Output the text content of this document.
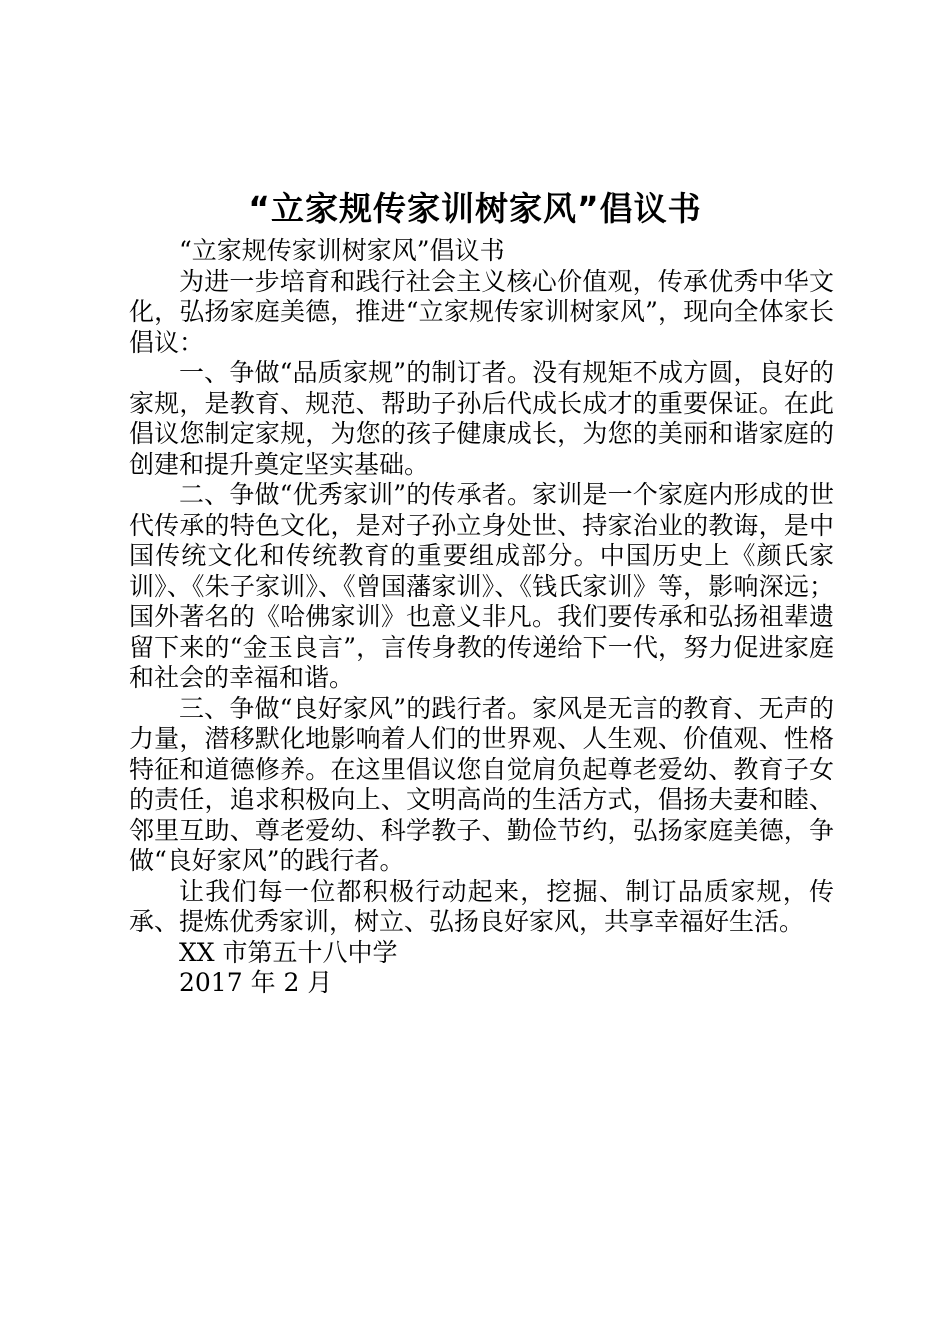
“立家规传家训树家风”倡议书

“立家规传家训树家风”倡议书

为进一步培育和践行社会主义核心价值观，传承优秀中华文化，弘扬家庭美德，推进“立家规传家训树家风”，现向全体家长倡议：

一、争做“品质家规”的制订者。没有规矩不成方圆，良好的家规，是教育、规范、帮助子孙后代成长成才的重要保证。在此倡议您制定家规，为您的孩子健康成长，为您的美丽和谐家庭的创建和提升奠定坚实基础。

二、争做“优秀家训”的传承者。家训是一个家庭内形成的世代传承的特色文化，是对子孙立身处世、持家治业的教诲，是中国传统文化和传统教育的重要组成部分。中国历史上《颜氏家训》、《朱子家训》、《曾国藩家训》、《钱氏家训》等，影响深远；国外著名的《哈佛家训》也意义非凡。我们要传承和弘扬祖辈遗留下来的“金玉良言”，言传身教的传递给下一代，努力促进家庭和社会的幸福和谐。

三、争做“良好家风”的践行者。家风是无言的教育、无声的力量，潜移默化地影响着人们的世界观、人生观、价值观、性格特征和道德修养。在这里倡议您自觉肩负起尊老爱幼、教育子女的责任，追求积极向上、文明高尚的生活方式，倡扬夫妻和睦、邻里互助、尊老爱幼、科学教子、勤俭节约，弘扬家庭美德，争做“良好家风”的践行者。

让我们每一位都积极行动起来，挖掘、制订品质家规，传承、提炼优秀家训，树立、弘扬良好家风，共享幸福好生活。

XX 市第五十八中学

2017 年 2 月
